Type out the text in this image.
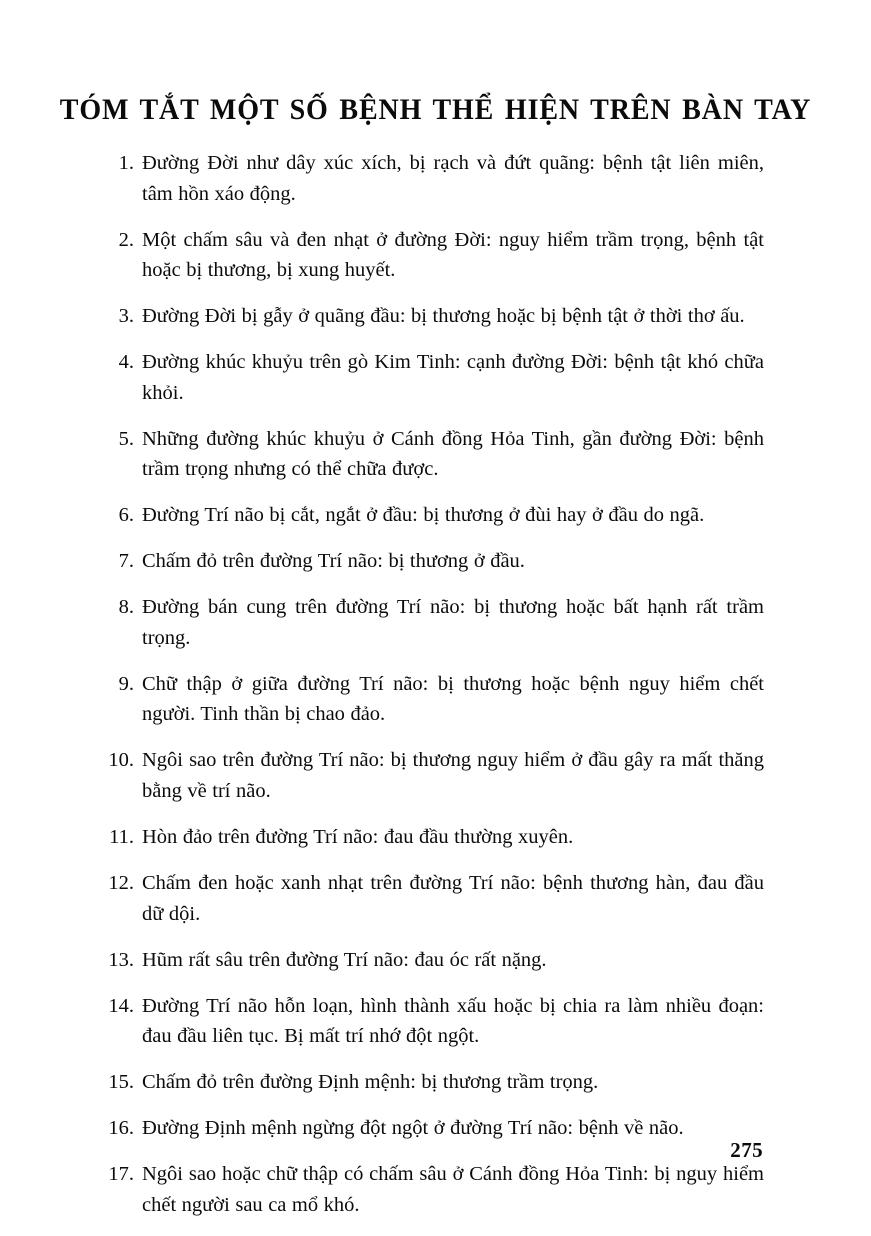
TÓM TẮT MỘT SỐ BỆNH THỂ HIỆN TRÊN BÀN TAY
1. Đường Đời như dây xúc xích, bị rạch và đứt quãng: bệnh tật liên miên, tâm hồn xáo động.
2. Một chấm sâu và đen nhạt ở đường Đời: nguy hiểm trầm trọng, bệnh tật hoặc bị thương, bị xung huyết.
3. Đường Đời bị gẫy ở quãng đầu: bị thương hoặc bị bệnh tật ở thời thơ ấu.
4. Đường khúc khuỷu trên gò Kim Tinh: cạnh đường Đời: bệnh tật khó chữa khỏi.
5. Những đường khúc khuỷu ở Cánh đồng Hỏa Tinh, gần đường Đời: bệnh trầm trọng nhưng có thể chữa được.
6. Đường Trí não bị cắt, ngắt ở đầu: bị thương ở đùi hay ở đầu do ngã.
7. Chấm đỏ trên đường Trí não: bị thương ở đầu.
8. Đường bán cung trên đường Trí não: bị thương hoặc bất hạnh rất trầm trọng.
9. Chữ thập ở giữa đường Trí não: bị thương hoặc bệnh nguy hiểm chết người. Tinh thần bị chao đảo.
10. Ngôi sao trên đường Trí não: bị thương nguy hiểm ở đầu gây ra mất thăng bằng về trí não.
11. Hòn đảo trên đường Trí não: đau đầu thường xuyên.
12. Chấm đen hoặc xanh nhạt trên đường Trí não: bệnh thương hàn, đau đầu dữ dội.
13. Hũm rất sâu trên đường Trí não: đau óc rất nặng.
14. Đường Trí não hỗn loạn, hình thành xấu hoặc bị chia ra làm nhiều đoạn: đau đầu liên tục. Bị mất trí nhớ đột ngột.
15. Chấm đỏ trên đường Định mệnh: bị thương trầm trọng.
16. Đường Định mệnh ngừng đột ngột ở đường Trí não: bệnh về não.
17. Ngôi sao hoặc chữ thập có chấm sâu ở Cánh đồng Hỏa Tinh: bị nguy hiểm chết người sau ca mổ khó.
275
